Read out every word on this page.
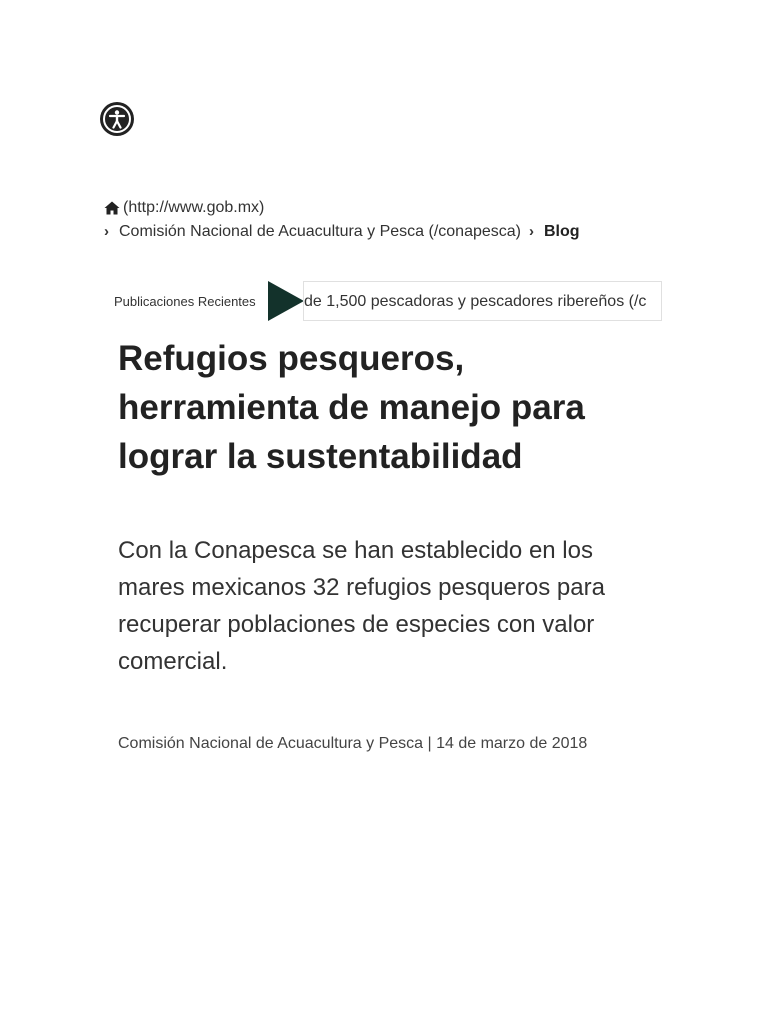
(http://www.gob.mx)
› Comisión Nacional de Acuacultura y Pesca (/conapesca) › Blog
Publicaciones Recientes	de 1,500 pescadoras y pescadores ribereños (/c
Refugios pesqueros, herramienta de manejo para lograr la sustentabilidad

Con la Conapesca se han establecido en los mares mexicanos 32 refugios pesqueros para recuperar poblaciones de especies con valor comercial.

Comisión Nacional de Acuacultura y Pesca | 14 de marzo de 2018
